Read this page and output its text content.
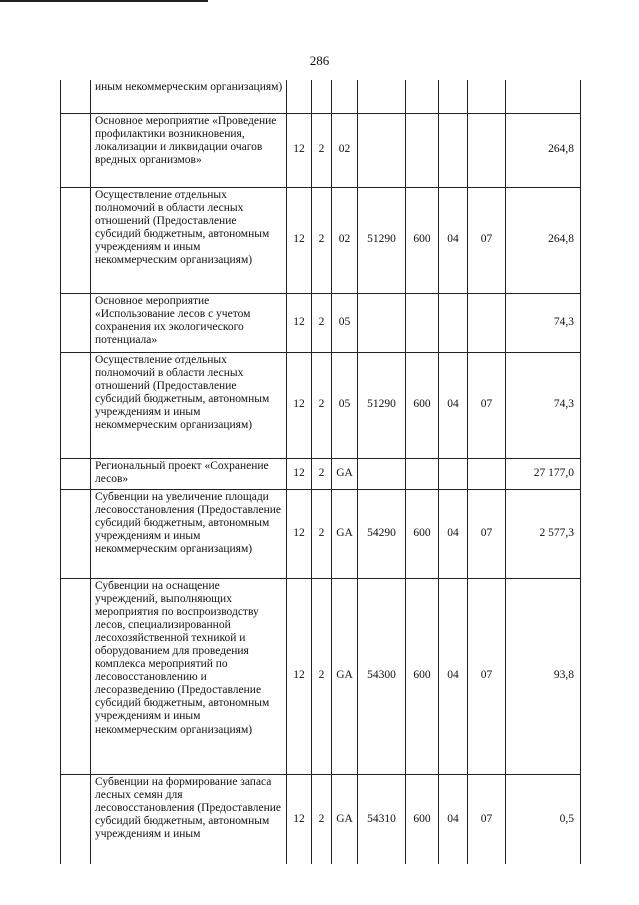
286
	иным некоммерческим организациям)								
	Основное мероприятие «Проведение профилактики возникновения, локализации и ликвидации очагов вредных организмов»	12	2	02					264,8
	Осуществление отдельных полномочий в области лесных отношений (Предоставление субсидий бюджетным, автономным учреждениям и иным некоммерческим организациям)	12	2	02	51290	600	04	07	264,8
	Основное мероприятие «Использование лесов с учетом сохранения их экологического потенциала»	12	2	05					74,3
	Осуществление отдельных полномочий в области лесных отношений (Предоставление субсидий бюджетным, автономным учреждениям и иным некоммерческим организациям)	12	2	05	51290	600	04	07	74,3
	Региональный проект «Сохранение лесов»	12	2	GA					27 177,0
	Субвенции на увеличение площади лесовосстановления (Предоставление субсидий бюджетным, автономным учреждениям и иным некоммерческим организациям)	12	2	GA	54290	600	04	07	2 577,3
	Субвенции на оснащение учреждений, выполняющих мероприятия по воспроизводству лесов, специализированной лесохозяйственной техникой и оборудованием для проведения комплекса мероприятий по лесовосстановлению и лесоразведению (Предоставление субсидий бюджетным, автономным учреждениям и иным некоммерческим организациям)	12	2	GA	54300	600	04	07	93,8
	Субвенции на формирование запаса лесных семян для лесовосстановления (Предоставление субсидий бюджетным, автономным учреждениям и иным	12	2	GA	54310	600	04	07	0,5
